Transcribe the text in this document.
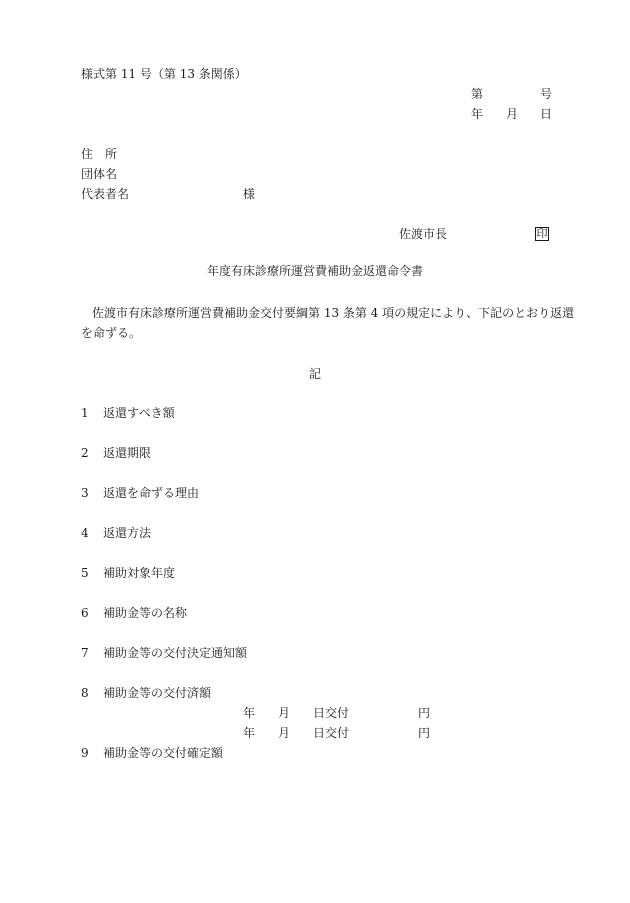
様式第 11 号（第 13 条関係）
第	号
年 月 日
住　所
団体名
代表者名	様
佐渡市長	印
年度有床診療所運営費補助金返還命令書
佐渡市有床診療所運営費補助金交付要綱第 13 条第 4 項の規定により、下記のとおり返還
を命ずる。
記
1 返還すべき額
2 返還期限
3 返還を命ずる理由
4 返還方法
5 補助対象年度
6 補助金等の名称
7 補助金等の交付決定通知額
8 補助金等の交付済額
年 月 日交付	円
年 月 日交付	円
9 補助金等の交付確定額
